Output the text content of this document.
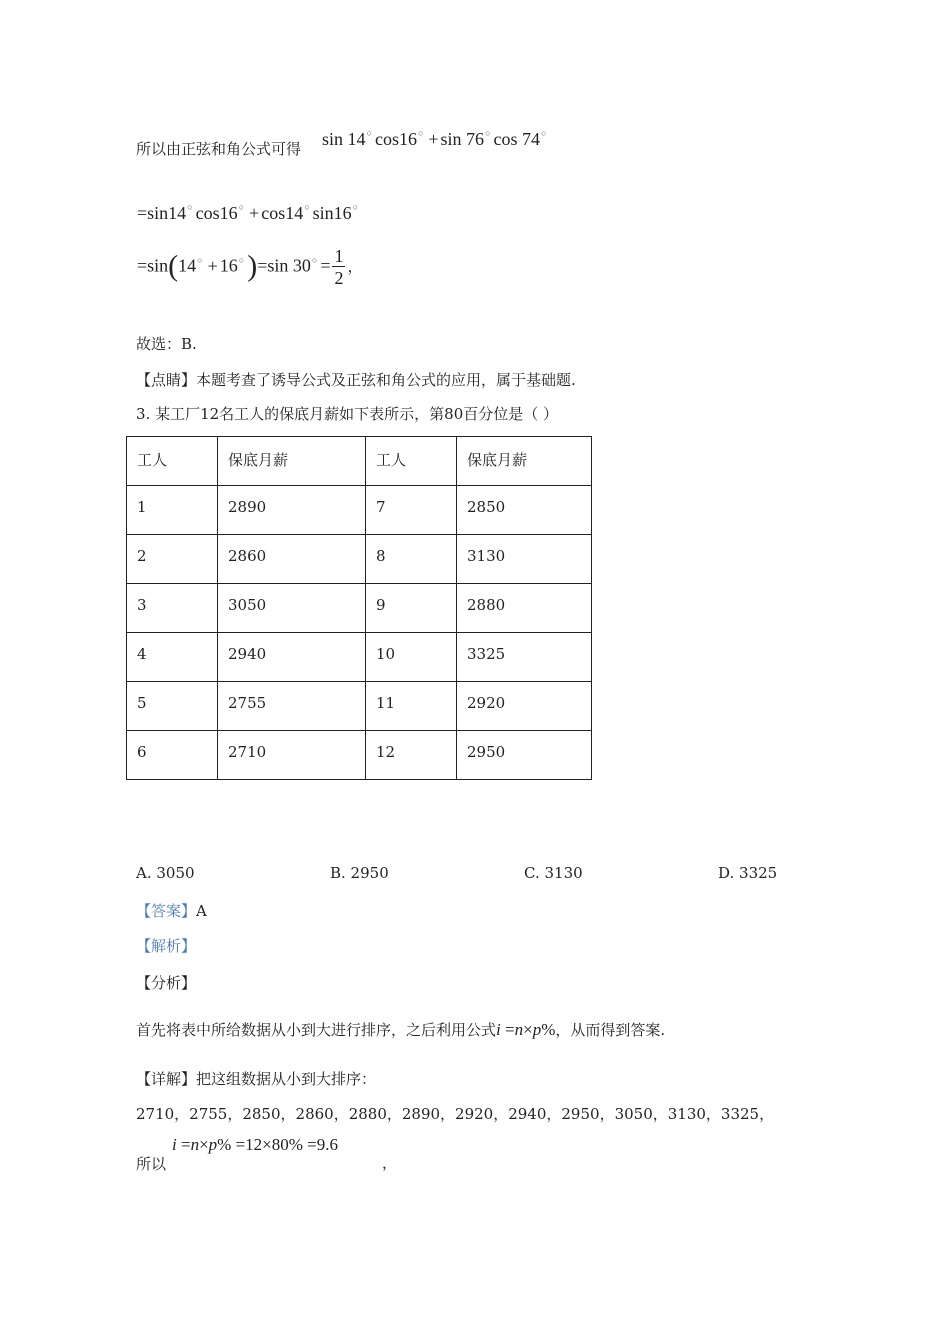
所以由正弦和角公式可得 sin 14○ cos16○ + sin 76○ cos 74○
=sin14○ cos16○ + cos14○ sin16○
=sin(14○ + 16○ )=sin $30^○ = \frac{1}{2}$ ，
故选：B.
【点睛】本题考查了诱导公式及正弦和角公式的应用，属于基础题.
3. 某工厂12名工人的保底月薪如下表所示，第80百分位是（ ）
工人	保底月薪	工人	保底月薪
1	2890	7	2850
2	2860	8	3130
3	3050	9	2880
4	2940	10	3325
5	2755	11	2920
6	2710	12	2950
A. 3050	B. 2950	C. 3130	D. 3325
【答案】A
【解析】
【分析】
首先将表中所给数据从小到大进行排序，之后利用公式i =n×p%，从而得到答案.
【详解】把这组数据从小到大排序：
2710，2755，2850，2860，2880，2890，2920，2940，2950，3050，3130，3325，
所以
i =n×p% =12×80% =9.6
，
